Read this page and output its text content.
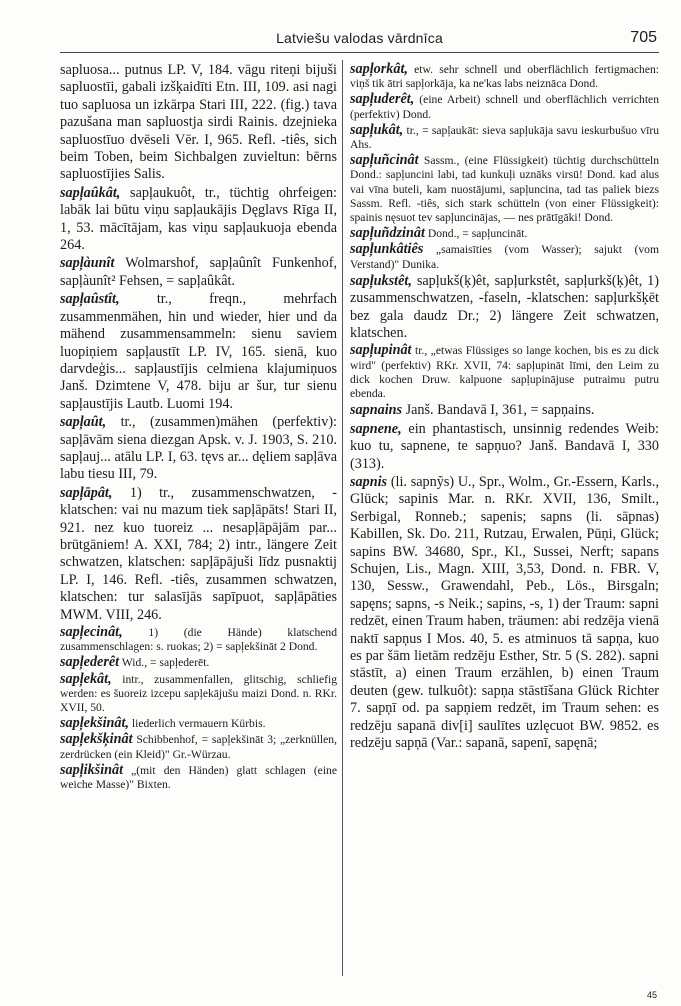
Latviešu valodas vārdnīca	705

sapluosa... putnus LP. V, 184. vāgu riteņi bijuši sapluostīi, gabali izšķaidīti Etn. III, 109. asi nagi tuo sapluosa un izkārpa Stari III, 222. (fig.) tava pazušana man sapluostja sirdi Rainis. dzejnieka sapluostīuo dvēseli Vēr. I, 965. Refl. -tiês, sich beim Toben, beim Sichbalgen zuvieltun: bērns sapluostījies Salis.

sapļaûkât, sapļaukuôt, tr., tüchtig ohrfeigen: labāk lai būtu viņu sapļaukājis Dęglavs Rīga II, 1, 53. mācītājam, kas viņu sapļaukuoja ebenda 264.

sapļàunît Wolmarshof, sapļaûnît Funkenhof, sapļàunît² Fehsen, = sapļaûkât.

sapļaûstît, tr., freqn., mehrfach zusammenmähen, hin und wieder, hier und da mähend zusammensammeln: sienu saviem luopiņiem sapļaustīt LP. IV, 165. sienā, kuo darvdeģis... sapļaustījis celmiena klajumiņuos Janš. Dzimtene V, 478. biju ar šur, tur sienu sapļaustījis Lautb. Luomi 194.

sapļaût, tr., (zusammen)mähen (perfektiv): sapļāvām siena diezgan Apsk. v. J. 1903, S. 210. sapļauj... atālu LP. I, 63. tęvs ar... dęliem sapļāva labu tiesu III, 79.

sapļāpât, 1) tr., zusammenschwatzen, -klatschen: vai nu mazum tiek sapļāpāts! Stari II, 921. nez kuo tuoreiz ... nesapļāpājām par... brūtgāniem! A. XXI, 784; 2) intr., längere Zeit schwatzen, klatschen: sapļāpājuši līdz pusnaktij LP. I, 146. Refl. -tiês, zusammen schwatzen, klatschen: tur salasījās sapīpuot, sapļāpāties MWM. VIII, 246.

sapļecinât, 1) (die Hände) klatschend zusammenschlagen: s. ruokas; 2) = sapļekšināt 2 Dond.

sapļederêt Wid., = sapļederēt.

sapļekât, intr., zusammenfallen, glitschig, schliefig werden: es šuoreiz izcepu sapļekājušu maizi Dond. n. RKr. XVII, 50.

sapļekšinât, liederlich vermauern Kürbis.

sapļekšķinât Schibbenhof, = sapļekšināt 3; „zerknüllen, zerdrücken (ein Kleid)" Gr.-Würzau.

sapļikšinât „(mit den Händen) glatt schlagen (eine weiche Masse)" Bixten.

sapļorkât, etw. sehr schnell und oberflächlich fertigmachen: viņš tik ātri sapļorkāja, ka ne'kas labs neiznāca Dond.

sapļuderêt, (eine Arbeit) schnell und oberflächlich verrichten (perfektiv) Dond.

sapļukât, tr., = sapļaukāt: sieva sapļukāja savu ieskurbušuo vīru Ahs.

sapļuñcinât Sassm., (eine Flüssigkeit) tüchtig durchschütteln Dond.: sapļuncini labi, tad kunkuļi uznāks virsū! Dond. kad alus vai vīna buteli, kam nuostājumi, sapļuncina, tad tas paliek biezs Sassm. Refl. -tiês, sich stark schütteln (von einer Flüssigkeit): spainis nęsuot tev sapļuncinājas, — nes prātīgāki! Dond.

sapļuñdzinât Dond., = sapļuncināt.

sapļunkâtiês „samaisīties (vom Wasser); sajukt (vom Verstand)" Dunika.

sapļukstêt, sapļukš(ķ)êt, sapļurkstêt, sapļurkš(ķ)êt, 1) zusammenschwatzen, -faseln, -klatschen: sapļurkšķēt bez gala daudz Dr.; 2) längere Zeit schwatzen, klatschen.

sapļupinât tr., „etwas Flüssiges so lange kochen, bis es zu dick wird" (perfektiv) RKr. XVII, 74: sapļupināt līmi, den Leim zu dick kochen Druw. kalpuone sapļupinājuse putraimu putru ebenda.

sapnains Janš. Bandavā I, 361, = sapņains.

sapnene, ein phantastisch, unsinnig redendes Weib: kuo tu, sapnene, te sapņuo? Janš. Bandavā I, 330 (313).

sapnis (li. sapnỹs) U., Spr., Wolm., Gr.-Essern, Karls., Glück; sapinis Mar. n. RKr. XVII, 136, Smilt., Serbigal, Ronneb.; sapenis; sapns (li. sāpnas) Kabillen, Sk. Do. 211, Rutzau, Erwalen, Pūņi, Glück; sapins BW. 34680, Spr., Kl., Sussei, Nerft; sapans Schujen, Lis., Magn. XIII, 3,53, Dond. n. FBR. V, 130, Sessw., Grawendahl, Peb., Lös., Birsgaln; sapęns; sapns, -s Neik.; sapins, -s, 1) der Traum: sapni redzēt, einen Traum haben, träumen: abi redzēja vienā naktī sapņus I Mos. 40, 5. es atminuos tā sapņa, kuo es par šām lietām redzēju Esther, Str. 5 (S. 282). sapni stāstīt, a) einen Traum erzählen, b) einen Traum deuten (gew. tulkuôt): sapņa stāstīšana Glück Richter 7. sapņī od. pa sapņiem redzēt, im Traum sehen: es redzēju sapanā div[i] saulītes uzlęcuot BW. 9852. es redzēju sapņā (Var.: sapanā, sapenī, sapęnā;

45
